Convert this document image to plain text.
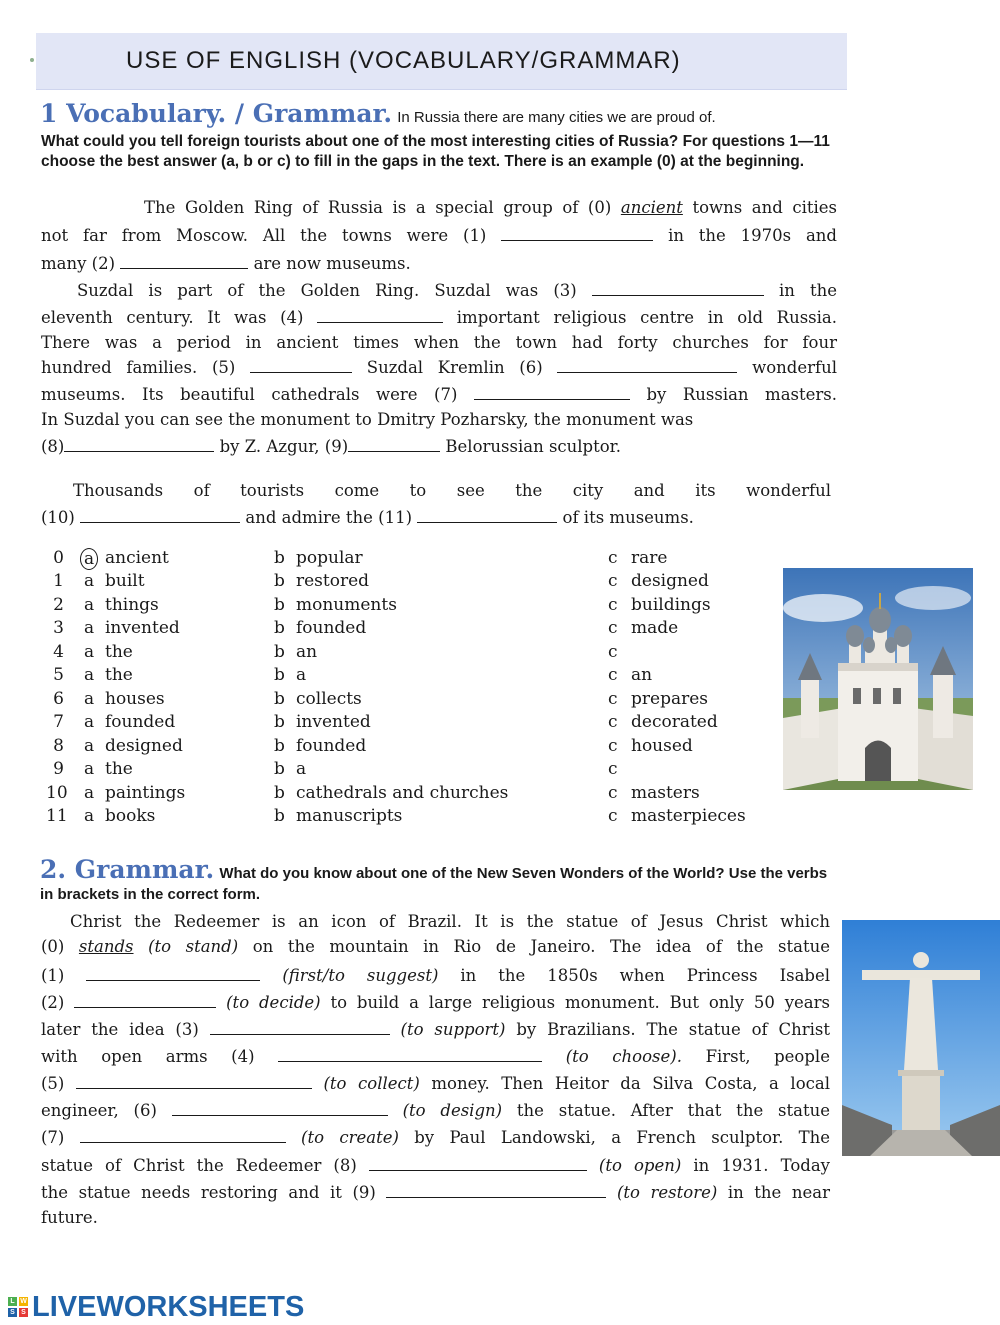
USE OF ENGLISH (VOCABULARY/GRAMMAR)
1 Vocabulary. / Grammar. In Russia there are many cities we are proud of.
What could you tell foreign tourists about one of the most interesting cities of Russia? For questions 1—11 choose the best answer (a, b or c) to fill in the gaps in the text. There is an example (0) at the beginning.
The Golden Ring of Russia is a special group of (0) ancient towns and cities
not far from Moscow. All the towns were (1)	in the 1970s and
many (2)	are now museums.
Suzdal is part of the Golden Ring. Suzdal was (3)	in the
eleventh century. It was (4)	important religious centre in old Russia.
There was a period in ancient times when the town had forty churches for four
hundred families. (5)	Suzdal Kremlin (6)	wonderful
museums. Its beautiful cathedrals were (7)	by Russian masters.
In Suzdal you can see the monument to Dmitry Pozharsky, the monument was
(8)	by Z. Azgur, (9)	Belorussian sculptor.
Thousands of tourists come to see the city and its wonderful
(10)	and admire the (11)	of its museums.
0 a ancient	b popular	c rare
1 a built	b restored	c designed
2 a things	b monuments	c buildings
3 a invented	b founded	c made
4 a the	b an	c
5 a the	b a	c an
6 a houses	b collects	c prepares
7 a founded	b invented	c decorated
8 a designed	b founded	c housed
9 a the	b a	c
10 a paintings	b cathedrals and churches	c masters
11 a books	b manuscripts	c masterpieces
2. Grammar. What do you know about one of the New Seven Wonders of the World? Use the verbs in brackets in the correct form.
Christ the Redeemer is an icon of Brazil. It is the statue of Jesus Christ which
(0) stands (to stand) on the mountain in Rio de Janeiro. The idea of the statue
(1)	(first/to suggest) in the 1850s when Princess Isabel
(2)	(to decide) to build a large religious monument. But only 50 years
later the idea (3)	(to support) by Brazilians. The statue of Christ
with open arms (4)	(to choose). First, people
(5)	(to collect) money. Then Heitor da Silva Costa, a local
engineer, (6)	(to design) the statue. After that the statue
(7)	(to create) by Paul Landowski, a French sculptor. The
statue of Christ the Redeemer (8)	(to open) in 1931. Today
the statue needs restoring and it (9)	(to restore) in the near
future.
L W
S S LIVEWORKSHEETS
